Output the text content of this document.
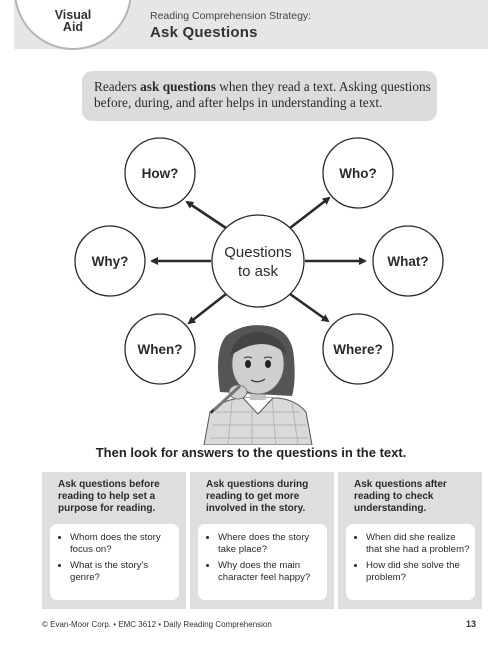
Visual
Aid
Reading Comprehension Strategy:
Ask Questions
Readers ask questions when they read a text. Asking questions before, during, and after helps in understanding a text.
How?	Who?
Why?	What?
When?	Where?
Questions
to ask
Then look for answers to the questions in the text.
Ask questions before reading to help set a purpose for reading.
• Whom does the story focus on?
• What is the story's genre?
Ask questions during reading to get more involved in the story.
• Where does the story take place?
• Why does the main character feel happy?
Ask questions after reading to check understanding.
• When did she realize that she had a problem?
• How did she solve the problem?
© Evan-Moor Corp. • EMC 3612 • Daily Reading Comprehension	13
